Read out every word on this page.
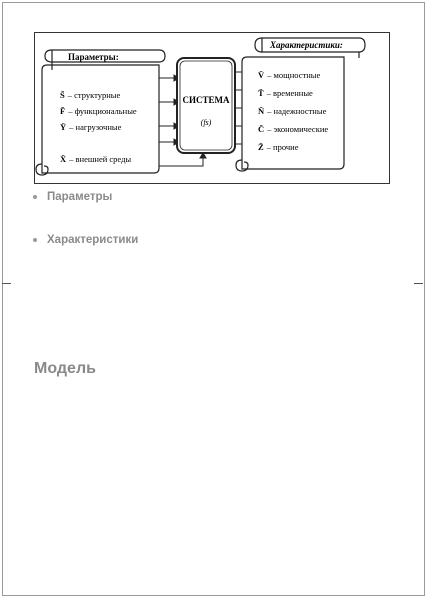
Параметры:
S̄ – структурные
F̄ – функциональные
Ȳ – нагрузочные
X̄ – внешней среды
СИСТЕМА
(fs)
Характеристики:
V̄ – мощностные
T̄ – временные
N̄ – надежностные
C̄ – экономические
Z̄ – прочие
Параметры
Характеристики
Модель
